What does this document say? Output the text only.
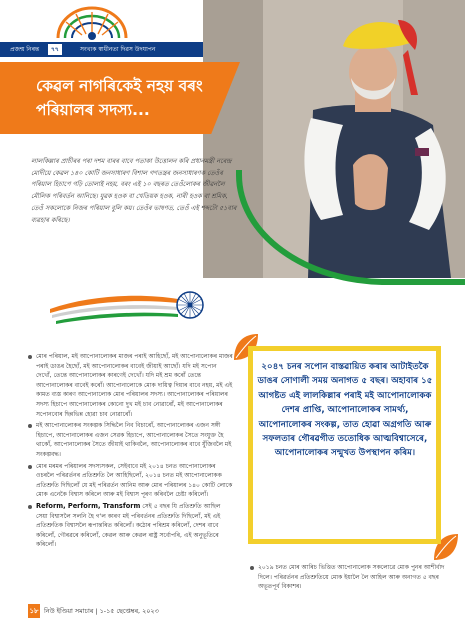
প্ৰজন্ম নিৰন্ত	৭৭	সংখ্যক স্বাধীনতা দিৱস উদযাপন
কেৱল নাগৰিকেই নহয় বৰং
পৰিয়ালৰ সদস্য...
লালকিল্লাৰ প্ৰাচীৰৰ পৰা দশম বাৰৰ বাবে পতাকা উত্তোলন কৰি প্ৰধানমন্ত্ৰী নৰেন্দ্ৰ মোদীয়ে কেৱল ১৪০ কোটি জনসাধাৰণ বিশাল গণতন্ত্ৰৰ জনসাধাৰণক তেওঁৰ পৰিয়াল হিচাপে গঢ়ি তোলাই নহয়, বৰং এই ১০ বছৰত তেওঁলোকৰ জীৱনলৈ মৌলিক পৰিবৰ্তন আনিছে। যুৱক হওক বা খেতিয়ক হওক, নাৰী হওক বা শ্ৰমিক, তেওঁ সকলোকে নিজৰ পৰিয়াল বুলি কয়। তেওঁৰ ভাষণত, তেওঁ এই শব্দটো ৫১বাৰ ব্যৱহাৰ কৰিছে।
মোৰ পৰিয়াল, মই আপোনালোকৰ মাজৰ পৰাই আহিছোঁ, মই আপোনালোকৰ মাজৰ পৰাই ডাঙৰ হৈছোঁ, মই আপোনালোকৰ বাবেই জীয়াই আছোঁ। যদি মই সপোন দেখোঁ, তেন্তে আপোনালোকৰ কাৰণেই দেখোঁ। যদি মই শ্ৰম কৰোঁ তেন্তে আপোনালোকৰ বাবেই কৰোঁ। আপোনালোকে মোক দায়িত্ব দিয়াৰ বাবে নহয়, মই এই কামত ব্যস্ত কাৰণ আপোনালোক মোৰ পৰিয়ালৰ সদস্য। আপোনালোকৰ পৰিয়ালৰ সদস্য হিচাপে আপোনালোকৰ কোনো দুখ মই চাব নোৱাৰোঁ, মই আপোনালোকৰ সপোনবোৰ ছিন্নভিন্ন হোৱা চাব নোৱাৰোঁ।
মই আপোনালোকৰ সংকল্পক সিদ্ধিলৈ নিব বিচাৰোঁ, আপোনালোকৰ এজন সঙ্গী হিচাপে, আপোনালোকৰ এজন সেৱক হিচাপে, আপোনালোকৰ সৈতে সংযুক্ত হৈ থাকোঁ, আপোনালোকৰ সৈতে জীয়াই থাকিবলৈ, আপোনালোকৰ বাবে যুঁজিবলৈ মই সংকল্পবদ্ধ।
মোৰ মৰমৰ পৰিয়ালৰ সদস্যসকল, সেইবাবে মই ২০১৪ চনত আপোনালোকৰ ওচৰলৈ পৰিৱৰ্তনৰ প্ৰতিশ্ৰুতি লৈ আহিছিলোঁ, ২০১৪ চনত মই আপোনালোকক প্ৰতিশ্ৰুতি দিছিলোঁ যে মই পৰিৱৰ্তন আনিম আৰু মোৰ পৰিয়ালৰ ১৪০ কোটি লোকে মোক এনেকৈ বিশ্বাস কৰিলে আৰু মই বিশ্বাস পূৰণ কৰিবলৈ চেষ্টা কৰিলোঁ।
Reform, Perform, Transform সেই ৫ বছৰ যি প্ৰতিশ্ৰুতি আছিল সেয়া বিশ্বাসলৈ সলনি হৈ গ'ল কাৰণ মই পৰিবৰ্তনৰ প্ৰতিশ্ৰুতি দিছিলোঁ, মই এই প্ৰতিশ্ৰুতিক বিশ্বাসলৈ ৰূপান্তৰিত কৰিলোঁ। কঠোৰ পৰিশ্ৰম কৰিলোঁ, দেশৰ বাবে কৰিলোঁ, গৌৰৱৰে কৰিলোঁ, কেৱল আৰু কেৱল ৰাষ্ট্ৰ সৰ্বোপৰি, এই অনুভূতিৰে কৰিলোঁ।
২০৪৭ চনৰ সপোন বাস্তৱায়িত কৰাৰ আটাইতকৈ ডাঙৰ সোণালী সময় অনাগত ৫ বছৰ। অহাবাৰ ১৫ আগষ্টত এই লালকিল্লাৰ পৰাই মই আপোনালোকক দেশৰ প্ৰাপ্তি, আপোনালোকৰ সামৰ্থ্য, আপোনালোকৰ সংকল্প, তাত হোৱা অগ্ৰগতি আৰু সফলতাৰ গৌৰৱগীত ততোধিক আত্মবিশ্বাসেৰে, আপোনালোকৰ সন্মুখত উপস্থাপন কৰিম।
২০১৯ চনত মোৰ আৰিচ ভিত্তিত আপোনালোক সকলোৱে মোক পুনৰ আশীৰ্বাদ দিলে। পৰিৱৰ্তনৰ প্ৰতিশ্ৰুতিয়ে মোক ইয়ালৈ লৈ আহিল আৰু অনাগত ৫ বছৰ অভূতপূৰ্ব বিকাশৰ।
১৮ নিউ ইণ্ডিয়া সমাচাৰ | ১-১৫ ছেপ্তেম্বৰ, ২০২৩
